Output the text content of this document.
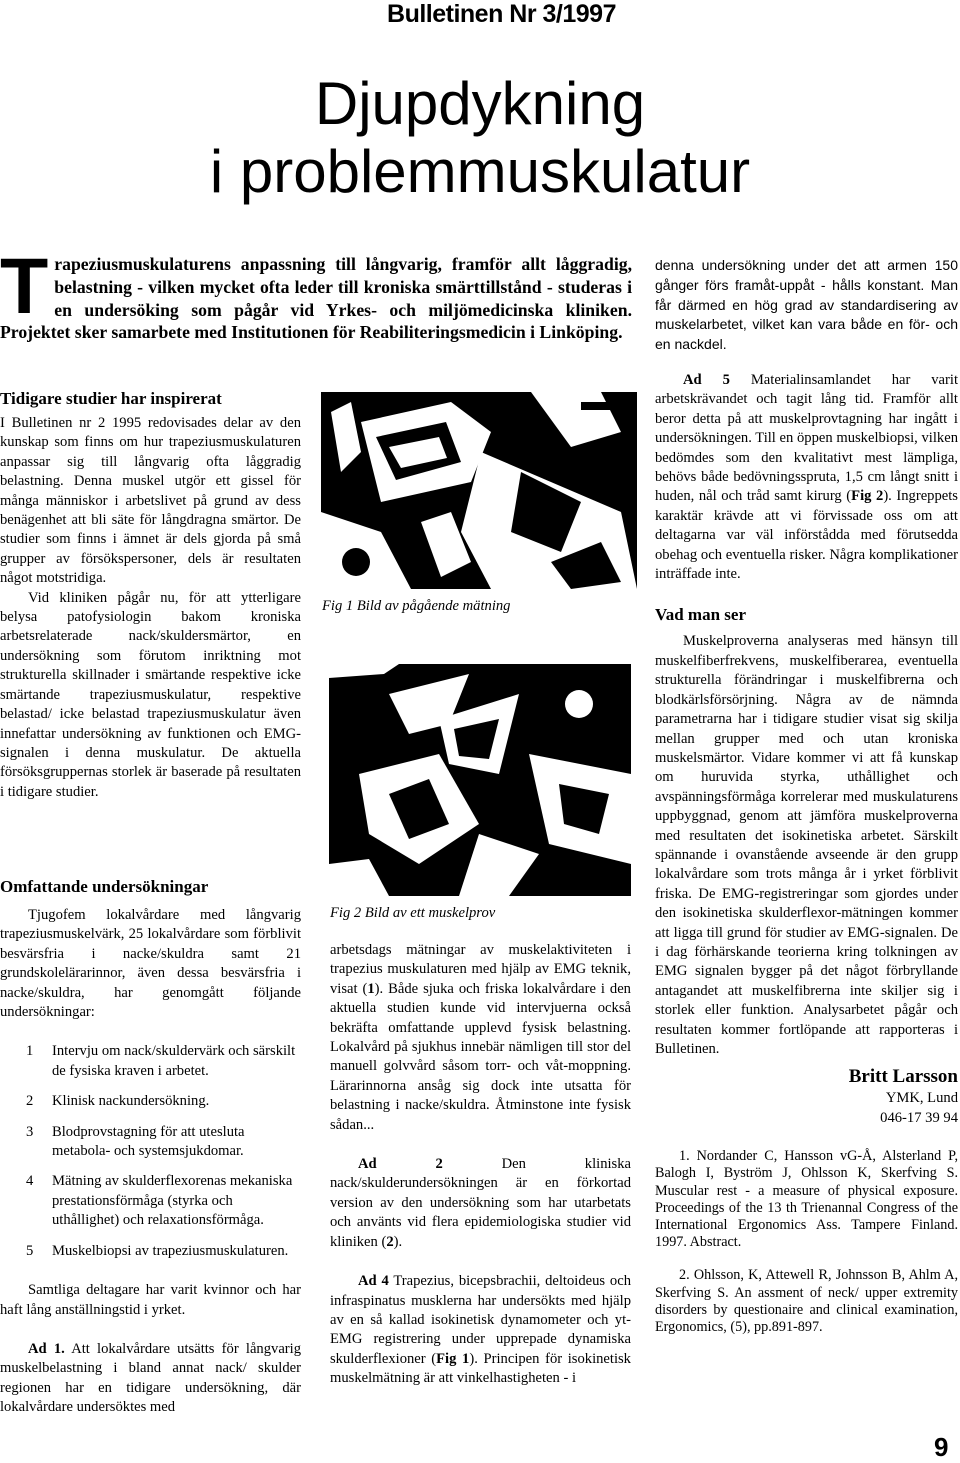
Bulletinen Nr 3/1997
Djupdykning
i problemmuskulatur
T rapeziusmuskulaturens anpassning till långvarig, framför allt låggradig, belastning - vilken mycket ofta leder till kroniska smärttillstånd - studeras i en undersöking som pågår vid Yrkes- och miljömedicinska kliniken. Projektet sker samarbete med Institutionen för Reabiliteringsmedicin i Linköping.
Tidigare studier har inspirerat

I Bulletinen nr 2 1995 redovisades delar av den kunskap som finns om hur trapeziusmuskulaturen anpassar sig till långvarig ofta låggradig belastning. Denna muskel utgör ett gissel för många människor i arbetslivet på grund av dess benägenhet att bli säte för långdragna smärtor. De studier som finns i ämnet är dels gjorda på små grupper av försökspersoner, dels är resultaten något motstridiga.

Vid kliniken pågår nu, för att ytterligare belysa patofysiologin bakom kroniska arbetsrelaterade nack/skuldersmärtor, en undersökning som förutom inriktning mot strukturella skillnader i smärtande respektive icke smärtande trapeziusmuskulatur, respektive belastad/ icke belastad trapeziusmuskulatur även innefattar undersökning av funktionen och EMG-signalen i denna muskulatur. De aktuella försöksgruppernas storlek är baserade på resultaten i tidigare studier.

Omfattande undersökningar

Tjugofem lokalvårdare med långvarig trapeziusmuskelvärk, 25 lokalvårdare som förblivit besvärsfria i nacke/skuldra samt 21 grundskolelärarinnor, även dessa besvärsfria i nacke/skuldra, har genomgått följande undersökningar:

1 Intervju om nack/skuldervärk och särskilt de fysiska kraven i arbetet.
2 Klinisk nackundersökning.
3 Blodprovstagning för att utesluta metabola- och systemsjukdomar.
4 Mätning av skulderflexorenas mekaniska prestationsförmåga (styrka och uthållighet) och relaxationsförmåga.
5 Muskelbiopsi av trapeziusmuskulaturen.

Samtliga deltagare har varit kvinnor och har haft lång anställningstid i yrket.

Ad 1. Att lokalvårdare utsätts för långvarig muskelbelastning i bland annat nack/ skulder regionen har en tidigare undersökning, där lokalvårdare undersöktes med

Fig 1 Bild av pågående mätning
Fig 2 Bild av ett muskelprov

arbetsdags mätningar av muskelaktiviteten i trapezius muskulaturen med hjälp av EMG teknik, visat (1). Både sjuka och friska lokalvårdare i den aktuella studien kunde vid intervjuerna också bekräfta omfattande upplevd fysisk belastning. Lokalvård på sjukhus innebär nämligen till stor del manuell golvvård såsom torr- och våt-moppning. Lärarinnorna ansåg sig dock inte utsatta för belastning i nacke/skuldra. Åtminstone inte fysisk sådan...

Ad 2 Den kliniska nack/skulderundersökningen är en förkortad version av den undersökning som har utarbetats och använts vid flera epidemiologiska studier vid kliniken (2).

Ad 4 Trapezius, bicepsbrachii, deltoideus och infraspinatus musklerna har undersökts med hjälp av en så kallad isokinetisk dynamometer och yt-EMG registrering under upprepade dynamiska skulderflexioner (Fig 1). Principen för isokinetisk muskelmätning är att vinkelhastigheten - i

denna undersökning under det att armen 150 gånger förs framåt-uppåt - hålls konstant. Man får därmed en hög grad av standardisering av muskelarbetet, vilket kan vara både en för- och en nackdel.

Ad 5 Materialinsamlandet har varit arbetskrävandet och tagit lång tid. Framför allt beror detta på att muskelprovtagning har ingått i undersökningen. Till en öppen muskelbiopsi, vilken bedömdes som den kvalitativt mest lämpliga, behövs både bedövningsspruta, 1,5 cm långt snitt i huden, nål och tråd samt kirurg (Fig 2). Ingreppets karaktär krävde att vi förvissade oss om att deltagarna var väl införstådda med förutsedda obehag och eventuella risker. Några komplikationer inträffade inte.

Vad man ser

Muskelproverna analyseras med hänsyn till muskelfiberfrekvens, muskelfiberarea, eventuella strukturella förändringar i muskelfibrerna och blodkärlsförsörjning. Några av de nämnda parametrarna har i tidigare studier visat sig skilja mellan grupper med och utan kroniska muskelsmärtor. Vidare kommer vi att få kunskap om huruvida styrka, uthållighet och avspänningsförmåga korrelerar med muskulaturens uppbyggnad, genom att jämföra muskelproverna med resultaten det isokinetiska arbetet. Särskilt spännande i ovanstående avseende är den grupp lokalvårdare som trots många år i yrket förblivit friska. De EMG-registreringar som gjordes under den isokinetiska skulderflexor-mätningen kommer att ligga till grund för studier av EMG-signalen. De i dag förhärskande teorierna kring tolkningen av EMG signalen bygger på det något förbryllande antagandet att muskelfibrerna inte skiljer sig i storlek eller funktion. Analysarbetet pågår och resultaten kommer fortlöpande att rapporteras i Bulletinen.

Britt Larsson
YMK, Lund
046-17 39 94

1. Nordander C, Hansson vG-Å, Alsterland P, Balogh I, Byström J, Ohlsson K, Skerfving S. Muscular rest - a measure of physical exposure. Proceedings of the 13 th Trienannal Congress of the International Ergonomics Ass. Tampere Finland. 1997. Abstract.

2. Ohlsson, K, Attewell R, Johnsson B, Ahlm A, Skerfving S. An assment of neck/ upper extremity disorders by questionaire and clinical examination, Ergonomics, (5), pp.891-897.

9
